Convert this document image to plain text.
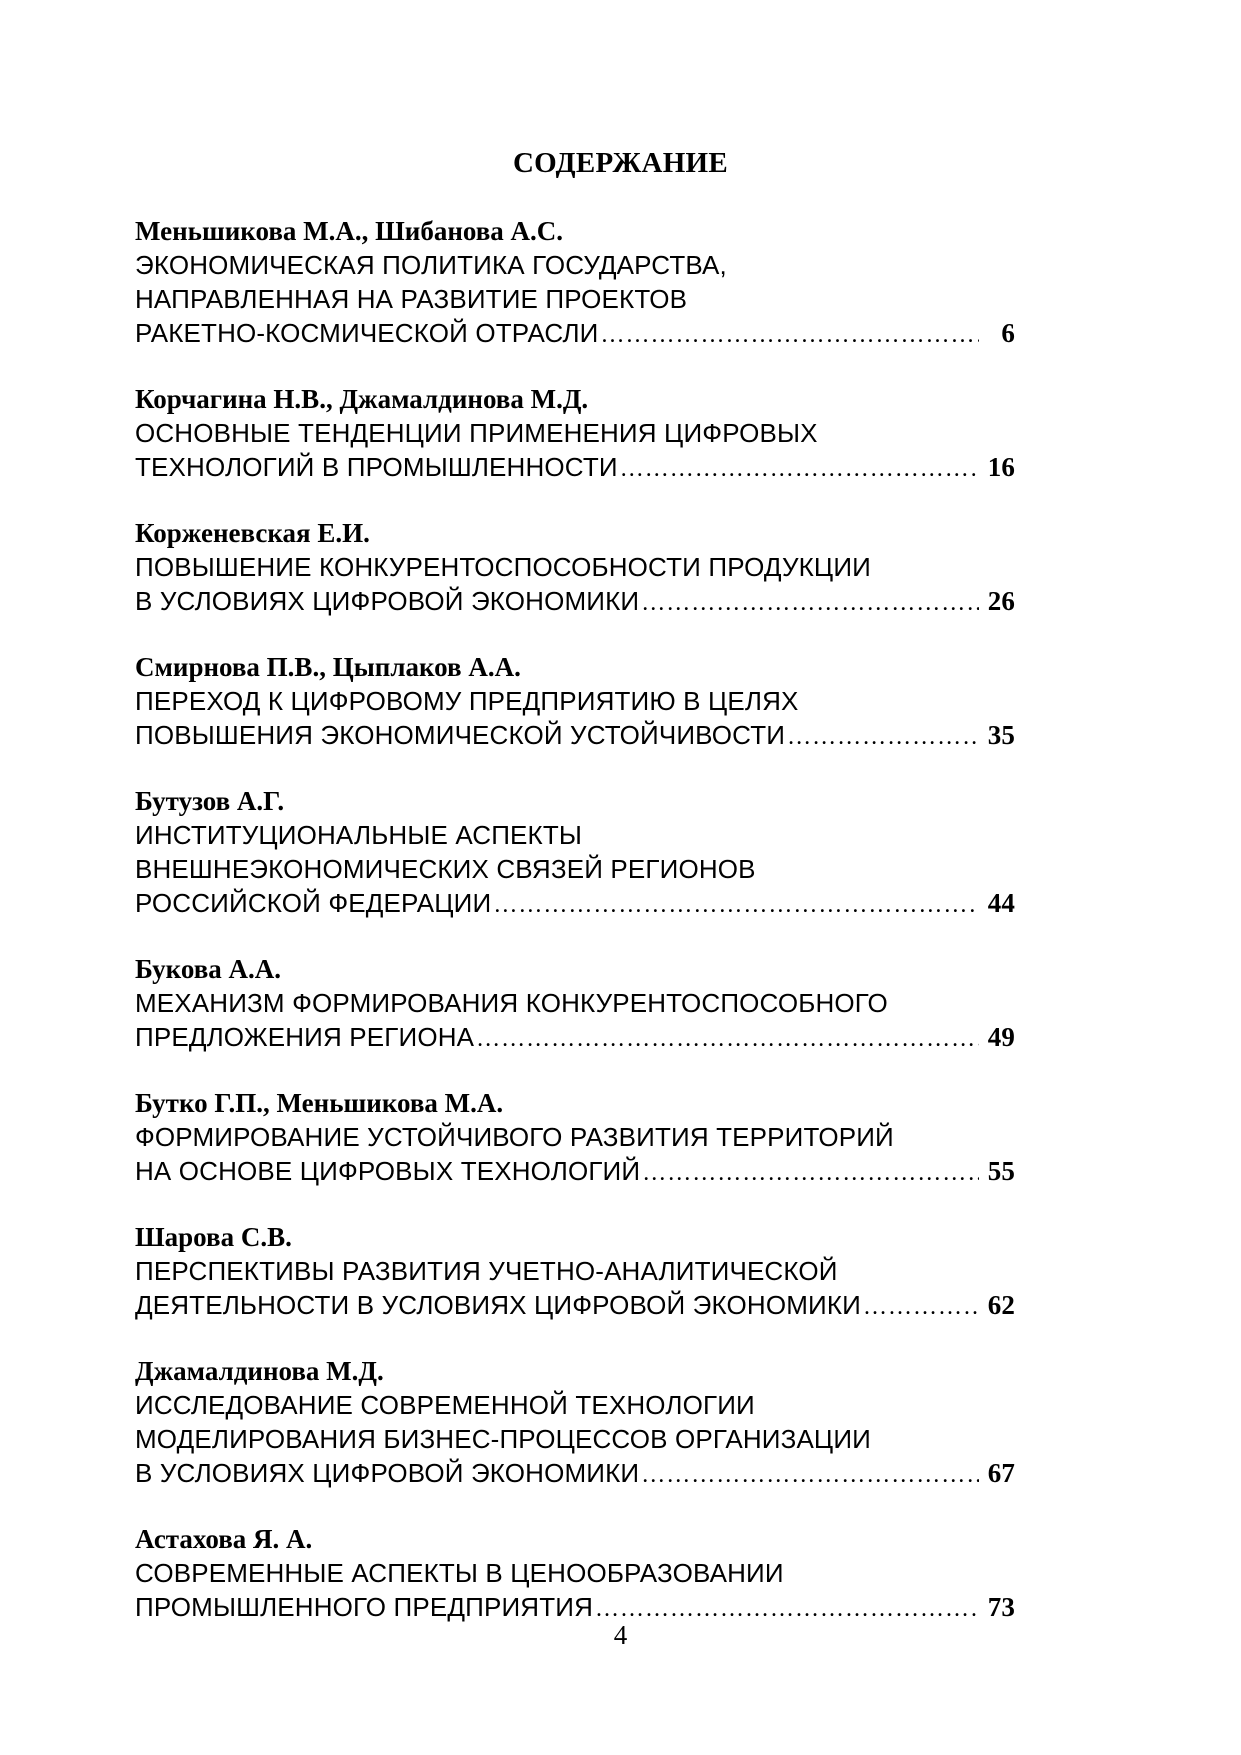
СОДЕРЖАНИЕ
Меньшикова М.А., Шибанова А.С.
ЭКОНОМИЧЕСКАЯ ПОЛИТИКА ГОСУДАРСТВА,
НАПРАВЛЕННАЯ НА РАЗВИТИЕ ПРОЕКТОВ
РАКЕТНО-КОСМИЧЕСКОЙ ОТРАСЛИ …………………………………………………………………………………………………………………………………………	6
Корчагина Н.В., Джамалдинова М.Д.
ОСНОВНЫЕ ТЕНДЕНЦИИ ПРИМЕНЕНИЯ ЦИФРОВЫХ
ТЕХНОЛОГИЙ В ПРОМЫШЛЕННОСТИ …………………………………………………………………………………………………………………………………………	16
Корженевская Е.И.
ПОВЫШЕНИЕ КОНКУРЕНТОСПОСОБНОСТИ ПРОДУКЦИИ
В УСЛОВИЯХ ЦИФРОВОЙ ЭКОНОМИКИ …………………………………………………………………………………………………………………………………………	26
Смирнова П.В., Цыплаков А.А.
ПЕРЕХОД К ЦИФРОВОМУ ПРЕДПРИЯТИЮ В ЦЕЛЯХ
ПОВЫШЕНИЯ ЭКОНОМИЧЕСКОЙ УСТОЙЧИВОСТИ …………………………………………………………………………………………………………………………………………	35
Бутузов А.Г.
ИНСТИТУЦИОНАЛЬНЫЕ АСПЕКТЫ
ВНЕШНЕЭКОНОМИЧЕСКИХ СВЯЗЕЙ РЕГИОНОВ
РОССИЙСКОЙ ФЕДЕРАЦИИ …………………………………………………………………………………………………………………………………………	44
Букова А.А.
МЕХАНИЗМ ФОРМИРОВАНИЯ КОНКУРЕНТОСПОСОБНОГО
ПРЕДЛОЖЕНИЯ РЕГИОНА …………………………………………………………………………………………………………………………………………	49
Бутко Г.П., Меньшикова М.А.
ФОРМИРОВАНИЕ УСТОЙЧИВОГО РАЗВИТИЯ ТЕРРИТОРИЙ
НА ОСНОВЕ ЦИФРОВЫХ ТЕХНОЛОГИЙ …………………………………………………………………………………………………………………………………………	55
Шарова С.В.
ПЕРСПЕКТИВЫ РАЗВИТИЯ УЧЕТНО-АНАЛИТИЧЕСКОЙ
ДЕЯТЕЛЬНОСТИ В УСЛОВИЯХ ЦИФРОВОЙ ЭКОНОМИКИ …………………………………………………………………………………………………………………………………………	62
Джамалдинова М.Д.
ИССЛЕДОВАНИЕ СОВРЕМЕННОЙ ТЕХНОЛОГИИ
МОДЕЛИРОВАНИЯ БИЗНЕС-ПРОЦЕССОВ ОРГАНИЗАЦИИ
В УСЛОВИЯХ ЦИФРОВОЙ ЭКОНОМИКИ …………………………………………………………………………………………………………………………………………	67
Астахова Я. А.
СОВРЕМЕННЫЕ АСПЕКТЫ В ЦЕНООБРАЗОВАНИИ
ПРОМЫШЛЕННОГО ПРЕДПРИЯТИЯ …………………………………………………………………………………………………………………………………………	73
4
